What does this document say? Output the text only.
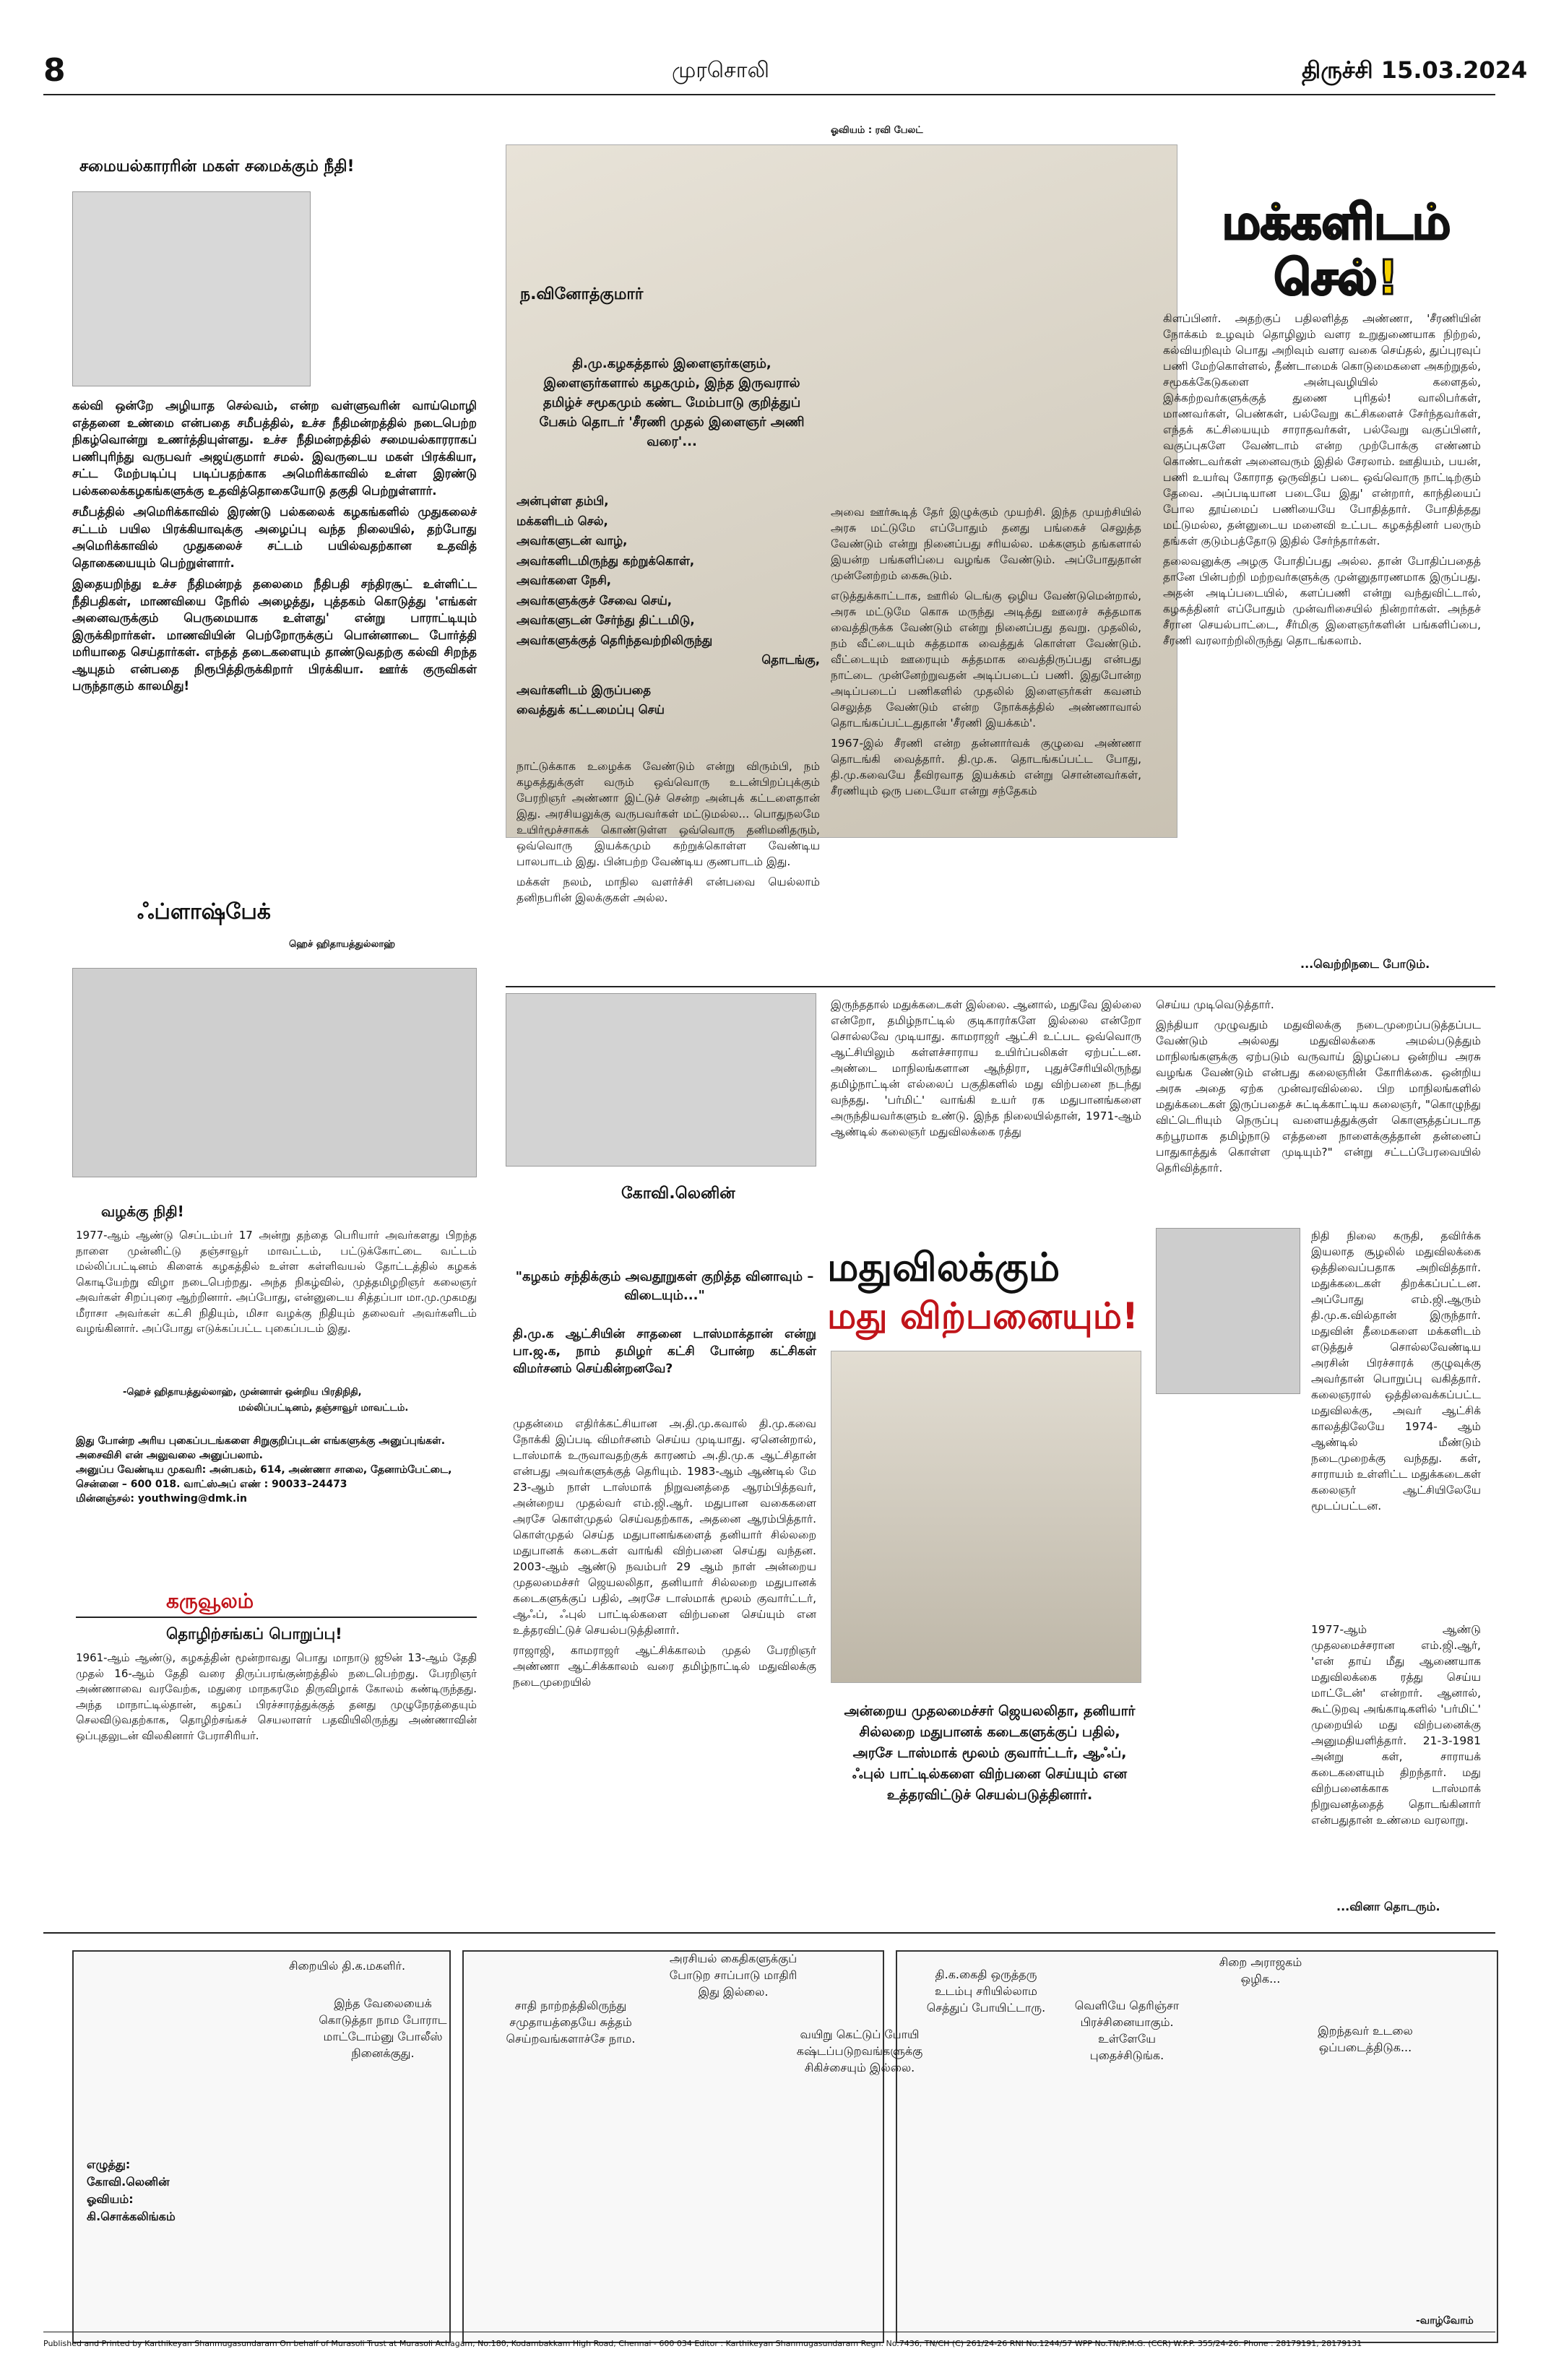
8	முரசொலி	திருச்சி 15.03.2024
சமையல்காரரின் மகள் சமைக்கும் நீதி!

கல்வி ஒன்றே அழியாத செல்வம், என்ற வள்ளுவரின் வாய்மொழி எத்தனை உண்மை என்பதை சமீபத்தில், உச்ச நீதிமன்றத்தில் நடைபெற்ற நிகழ்வொன்று உணர்த்தியுள்ளது. உச்ச நீதிமன்றத்தில் சமையல்காரராகப் பணிபுரிந்து வருபவர் அஜய்குமார் சமல். இவருடைய மகள் பிரக்கியா, சட்ட மேற்படிப்பு படிப்பதற்காக அமெரிக்காவில் உள்ள இரண்டு பல்கலைக்கழகங்களுக்கு உதவித்தொகையோடு தகுதி பெற்றுள்ளார்.

சமீபத்தில் அமெரிக்காவில் இரண்டு பல்கலைக் கழகங்களில் முதுகலைச் சட்டம் பயில பிரக்கியாவுக்கு அழைப்பு வந்த நிலையில், தற்போது அமெரிக்காவில் முதுகலைச் சட்டம் பயில்வதற்கான உதவித் தொகையையும் பெற்றுள்ளார்.

இதையறிந்து உச்ச நீதிமன்றத் தலைமை நீதிபதி சந்திரசூட் உள்ளிட்ட நீதிபதிகள், மாணவியை நேரில் அழைத்து, புத்தகம் கொடுத்து 'எங்கள் அனைவருக்கும் பெருமையாக உள்ளது' என்று பாராட்டியும் இருக்கிறார்கள். மாணவியின் பெற்றோருக்குப் பொன்னாடை போர்த்தி மரியாதை செய்தார்கள். எந்தத் தடைகளையும் தாண்டுவதற்கு கல்வி சிறந்த ஆயுதம் என்பதை நிரூபித்திருக்கிறார் பிரக்கியா. ஊர்க் குருவிகள் பருந்தாகும் காலமிது!

ஃப்ளாஷ்பேக்
ஹெச் ஹிதாயத்துல்லாஹ்
வழக்கு நிதி!
1977-ஆம் ஆண்டு செப்டம்பர் 17 அன்று தந்தை பெரியார் அவர்களது பிறந்த நாளை முன்னிட்டு தஞ்சாவூர் மாவட்டம், பட்டுக்கோட்டை வட்டம் மல்லிப்பட்டினம் கிளைக் கழகத்தில் உள்ள கள்ளிவயல் தோட்டத்தில் கழகக் கொடியேற்று விழா நடைபெற்றது. அந்த நிகழ்வில், முத்தமிழறிஞர் கலைஞர் அவர்கள் சிறப்புரை ஆற்றினார். அப்போது, என்னுடைய சித்தப்பா மா.மு.முகமது மீராசா அவர்கள் கட்சி நிதியும், மிசா வழக்கு நிதியும் தலைவர் அவர்களிடம் வழங்கினார். அப்போது எடுக்கப்பட்ட புகைப்படம் இது.
-ஹெச் ஹிதாயத்துல்லாஹ், முன்னாள் ஒன்றிய பிரதிநிதி,
மல்லிப்பட்டினம், தஞ்சாவூர் மாவட்டம்.
இது போன்ற அரிய புகைப்படங்களை சிறுகுறிப்புடன் எங்களுக்கு அனுப்புங்கள். அசைவிசி என் அலுவலை அனுப்பலாம்.
அனுப்ப வேண்டிய முகவரி: அன்பகம், 614, அண்ணா சாலை, தேனாம்பேட்டை, சென்னை – 600 018. வாட்ஸ்அப் எண் : 90033–24473
மின்னஞ்சல்: youthwing@dmk.in
கருவூலம்
தொழிற்சங்கப் பொறுப்பு!
1961-ஆம் ஆண்டு, கழகத்தின் மூன்றாவது பொது மாநாடு ஜூன் 13-ஆம் தேதி முதல் 16-ஆம் தேதி வரை திருப்பரங்குன்றத்தில் நடைபெற்றது. பேரறிஞர் அண்ணாவை வரவேற்க, மதுரை மாநகரமே திருவிழாக் கோலம் கண்டிருந்தது. அந்த மாநாட்டில்தான், கழகப் பிரச்சாரத்துக்குத் தனது முழுநேரத்தையும் செலவிடுவதற்காக, தொழிற்சங்கச் செயலாளர் பதவியிலிருந்து அண்ணாவின் ஒப்புதலுடன் விலகினார் பேராசிரியர்.
ஓவியம் : ரவி பேலட்
மக்களிடம்
செல்!
ந.வினோத்குமார்
தி.மு.கழகத்தால் இளைஞர்களும், இளைஞர்களால் கழகமும், இந்த இருவரால் தமிழ்ச் சமூகமும் கண்ட மேம்பாடு குறித்துப் பேசும் தொடர் 'சீரணி முதல் இளைஞர் அணி வரை'...
அன்புள்ள தம்பி,
மக்களிடம் செல்,
அவர்களுடன் வாழ்,
அவர்களிடமிருந்து கற்றுக்கொள்,
அவர்களை நேசி,
அவர்களுக்குச் சேவை செய்,
அவர்களுடன் சேர்ந்து திட்டமிடு,
அவர்களுக்குத் தெரிந்தவற்றிலிருந்து
தொடங்கு,
அவர்களிடம் இருப்பதை
வைத்துக் கட்டமைப்பு செய்

நாட்டுக்காக உழைக்க வேண்டும் என்று விரும்பி, நம் கழகத்துக்குள் வரும் ஒவ்வொரு உடன்பிறப்புக்கும் பேரறிஞர் அண்ணா இட்டுச் சென்ற அன்புக் கட்டளைதான் இது. அரசியலுக்கு வருபவர்கள் மட்டுமல்ல... பொதுநலமே உயிர்மூச்சாகக் கொண்டுள்ள ஒவ்வொரு தனிமனிதரும், ஒவ்வொரு இயக்கமும் கற்றுக்கொள்ள வேண்டிய பாலபாடம் இது. பின்பற்ற வேண்டிய குணபாடம் இது.

மக்கள் நலம், மாநில வளர்ச்சி என்பவை யெல்லாம் தனிநபரின் இலக்குகள் அல்ல.

அவை ஊர்கூடித் தேர் இழுக்கும் முயற்சி. இந்த முயற்சியில் அரசு மட்டுமே எப்போதும் தனது பங்கைச் செலுத்த வேண்டும் என்று நினைப்பது சரியல்ல. மக்களும் தங்களால் இயன்ற பங்களிப்பை வழங்க வேண்டும். அப்போதுதான் முன்னேற்றம் கைகூடும்.

எடுத்துக்காட்டாக, ஊரில் டெங்கு ஒழிய வேண்டுமென்றால், அரசு மட்டுமே கொசு மருந்து அடித்து ஊரைச் சுத்தமாக வைத்திருக்க வேண்டும் என்று நினைப்பது தவறு. முதலில், நம் வீட்டையும் சுத்தமாக வைத்துக் கொள்ள வேண்டும். வீட்டையும் ஊரையும் சுத்தமாக வைத்திருப்பது என்பது நாட்டை முன்னேற்றுவதன் அடிப்படைப் பணி. இதுபோன்ற அடிப்படைப் பணிகளில் முதலில் இளைஞர்கள் கவனம் செலுத்த வேண்டும் என்ற நோக்கத்தில் அண்ணாவால் தொடங்கப்பட்டதுதான் 'சீரணி இயக்கம்'.

1967-இல் சீரணி என்ற தன்னார்வக் குழுவை அண்ணா தொடங்கி வைத்தார். தி.மு.க. தொடங்கப்பட்ட போது, தி.மு.கவையே தீவிரவாத இயக்கம் என்று சொன்னவர்கள், சீரணியும் ஒரு படையோ என்று சந்தேகம்

கிளப்பினர். அதற்குப் பதிலளித்த அண்ணா, 'சீரணியின் நோக்கம் உழவும் தொழிலும் வளர உறுதுணையாக நிற்றல், கல்வியறிவும் பொது அறிவும் வளர வகை செய்தல், துப்புரவுப் பணி மேற்கொள்ளல், தீண்டாமைக் கொடுமைகளை அகற்றுதல், சமூகக்கேடுகளை அன்புவழியில் களைதல், இக்கற்றவர்களுக்குத் துணை புரிதல்! வாலிபர்கள், மாணவர்கள், பெண்கள், பல்வேறு கட்சிகளைச் சேர்ந்தவர்கள், எந்தக் கட்சியையும் சாராதவர்கள், பல்வேறு வகுப்பினர், வகுப்புகளே வேண்டாம் என்ற முற்போக்கு எண்ணம் கொண்டவர்கள் அனைவரும் இதில் சேரலாம். ஊதியம், பயன், பணி உயர்வு கோராத ஒருவிதப் படை ஒவ்வொரு நாட்டிற்கும் தேவை. அப்படியான படையே இது' என்றார், காந்தியைப் போல தூய்மைப் பணியையே போதித்தார். போதித்தது மட்டுமல்ல, தன்னுடைய மனைவி உட்பட கழகத்தினர் பலரும் தங்கள் குடும்பத்தோடு இதில் சேர்ந்தார்கள்.

தலைவனுக்கு அழகு போதிப்பது அல்ல. தான் போதிப்பதைத் தானே பின்பற்றி மற்றவர்களுக்கு முன்னுதாரணமாக இருப்பது. அதன் அடிப்படையில், களப்பணி என்று வந்துவிட்டால், கழகத்தினர் எப்போதும் முன்வரிசையில் நின்றார்கள். அந்தச் சீரான செயல்பாட்டை, சீர்மிகு இளைஞர்களின் பங்களிப்பை, சீரணி வரலாற்றிலிருந்து தொடங்கலாம்.

...வெற்றிநடை போடும்.
கோவி.லெனின்
"கழகம் சந்திக்கும் அவதூறுகள் குறித்த வினாவும் – விடையும்..."
தி.மு.க ஆட்சியின் சாதனை டாஸ்மாக்தான் என்று பா.ஜ.க, நாம் தமிழர் கட்சி போன்ற கட்சிகள் விமர்சனம் செய்கின்றனவே?
மதுவிலக்கும்
மது விற்பனையும்!

முதன்மை எதிர்க்கட்சியான அ.தி.மு.கவால் தி.மு.கவை நோக்கி இப்படி விமர்சனம் செய்ய முடியாது. ஏனென்றால், டாஸ்மாக் உருவாவதற்குக் காரணம் அ.தி.மு.க ஆட்சிதான் என்பது அவர்களுக்குத் தெரியும். 1983-ஆம் ஆண்டில் மே 23-ஆம் நாள் டாஸ்மாக் நிறுவனத்தை ஆரம்பித்தவர், அன்றைய முதல்வர் எம்.ஜி.ஆர். மதுபான வகைகளை அரசே கொள்முதல் செய்வதற்காக, அதனை ஆரம்பித்தார். கொள்முதல் செய்த மதுபானங்களைத் தனியார் சில்லறை மதுபானக் கடைகள் வாங்கி விற்பனை செய்து வந்தன. 2003-ஆம் ஆண்டு நவம்பர் 29 ஆம் நாள் அன்றைய முதலமைச்சர் ஜெயலலிதா, தனியார் சில்லறை மதுபானக் கடைகளுக்குப் பதில், அரசே டாஸ்மாக் மூலம் குவார்ட்டர், ஆஃப், ஃபுல் பாட்டில்களை விற்பனை செய்யும் என உத்தரவிட்டுச் செயல்படுத்தினார்.

ராஜாஜி, காமராஜர் ஆட்சிக்காலம் முதல் பேரறிஞர் அண்ணா ஆட்சிக்காலம் வரை தமிழ்நாட்டில் மதுவிலக்கு நடைமுறையில்

இருந்ததால் மதுக்கடைகள் இல்லை. ஆனால், மதுவே இல்லை என்றோ, தமிழ்நாட்டில் குடிகாரர்களே இல்லை என்றோ சொல்லவே முடியாது. காமராஜர் ஆட்சி உட்பட ஒவ்வொரு ஆட்சியிலும் கள்ளச்சாராய உயிர்ப்பலிகள் ஏற்பட்டன. அண்டை மாநிலங்களான ஆந்திரா, புதுச்சேரியிலிருந்து தமிழ்நாட்டின் எல்லைப் பகுதிகளில் மது விற்பனை நடந்து வந்தது. 'பர்மிட்' வாங்கி உயர் ரக மதுபானங்களை அருந்தியவர்களும் உண்டு. இந்த நிலையில்தான், 1971-ஆம் ஆண்டில் கலைஞர் மதுவிலக்கை ரத்து
அன்றைய முதலமைச்சர் ஜெயலலிதா, தனியார் சில்லறை மதுபானக் கடைகளுக்குப் பதில், அரசே டாஸ்மாக் மூலம் குவார்ட்டர், ஆஃப், ஃபுல் பாட்டில்களை விற்பனை செய்யும் என உத்தரவிட்டுச் செயல்படுத்தினார்.

செய்ய முடிவெடுத்தார்.

இந்தியா முழுவதும் மதுவிலக்கு நடைமுறைப்படுத்தப்பட வேண்டும் அல்லது மதுவிலக்கை அமல்படுத்தும் மாநிலங்களுக்கு ஏற்படும் வருவாய் இழப்பை ஒன்றிய அரசு வழங்க வேண்டும் என்பது கலைஞரின் கோரிக்கை. ஒன்றிய அரசு அதை ஏற்க முன்வரவில்லை. பிற மாநிலங்களில் மதுக்கடைகள் இருப்பதைச் சுட்டிக்காட்டிய கலைஞர், "கொழுந்து விட்டெரியும் நெருப்பு வளையத்துக்குள் கொளுத்தப்படாத கற்பூரமாக தமிழ்நாடு எத்தனை நாளைக்குத்தான் தன்னைப் பாதுகாத்துக் கொள்ள முடியும்?" என்று சட்டப்பேரவையில் தெரிவித்தார்.

நிதி நிலை கருதி, தவிர்க்க இயலாத சூழலில் மதுவிலக்கை ஒத்திவைப்பதாக அறிவித்தார். மதுக்கடைகள் திறக்கப்பட்டன. அப்போது எம்.ஜி.ஆரும் தி.மு.க.வில்தான் இருந்தார். மதுவின் தீமைகளை மக்களிடம் எடுத்துச் சொல்லவேண்டிய அரசின் பிரச்சாரக் குழுவுக்கு அவர்தான் பொறுப்பு வகித்தார். கலைஞரால் ஒத்திவைக்கப்பட்ட மதுவிலக்கு, அவர் ஆட்சிக் காலத்திலேயே 1974- ஆம் ஆண்டில் மீண்டும் நடைமுறைக்கு வந்தது. கள், சாராயம் உள்ளிட்ட மதுக்கடைகள் கலைஞர் ஆட்சியிலேயே மூடப்பட்டன.

1977-ஆம் ஆண்டு முதலமைச்சரான எம்.ஜி.ஆர், 'என் தாய் மீது ஆணையாக மதுவிலக்கை ரத்து செய்ய மாட்டேன்' என்றார். ஆனால், கூட்டுறவு அங்காடிகளில் 'பர்மிட்' முறையில் மது விற்பனைக்கு அனுமதியளித்தார். 21-3-1981 அன்று கள், சாராயக் கடைகளையும் திறந்தார். மது விற்பனைக்காக டாஸ்மாக் நிறுவனத்தைத் தொடங்கினார் என்பதுதான் உண்மை வரலாறு.

...வினா தொடரும்.
சிறையில் தி.க.மகளிர்.
இந்த வேலையைக் கொடுத்தா நாம போராட மாட்டோம்னு போலீஸ் நினைக்குது.
சாதி நாற்றத்திலிருந்து சமுதாயத்தையே சுத்தம் செய்றவங்களாச்சே நாம.
அரசியல் கைதிகளுக்குப் போடுற சாப்பாடு மாதிரி இது இல்லை.
வயிறு கெட்டுப் போயி கஷ்டப்படுறவங்களுக்கு சிகிச்சையும் இல்லை.
தி.க.கைதி ஒருத்தரு உடம்பு சரியில்லாம செத்துப் போயிட்டாரு.	வெளியே தெரிஞ்சா பிரச்சினையாகும். உள்ளேயே புதைச்சிடுங்க.
சிறை அராஜகம் ஒழிக...
இறந்தவர் உடலை ஒப்படைத்திடுக...
எழுத்து:
கோவி.லெனின்
ஓவியம்:
கி.சொக்கலிங்கம்
-வாழ்வோம்
Published and Printed by Karthikeyan Shanmugasundaram On behalf of Murasoli Trust at Murasoli Achagam, No:180, Kodambakkam High Road, Chennai - 600 034 Editor : Karthikeyan Shanmugasundaram Regn. No.7436, TN/CH (C) 261/24-26 RNI No.1244/57 WPP No.TN/P.M.G. (CCR) W.P.P. 355/24-26. Phone : 28179191, 28179131
